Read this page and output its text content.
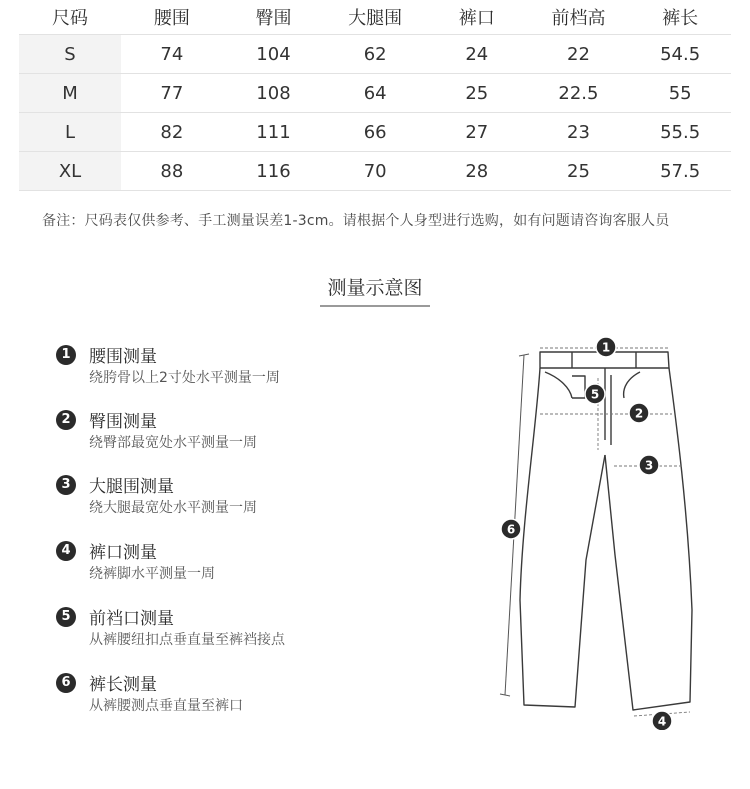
尺码	腰围	臀围	大腿围	裤口	前档高	裤长
S	74	104	62	24	22	54.5
M	77	108	64	25	22.5	55
L	82	111	66	27	23	55.5
XL	88	116	70	28	25	57.5
备注：尺码表仅供参考、手工测量误差1-3cm。请根据个人身型进行选购，如有问题请咨询客服人员
测量示意图
1	腰围测量
绕胯骨以上2寸处水平测量一周
2	臀围测量
绕臀部最宽处水平测量一周
3	大腿围测量
绕大腿最宽处水平测量一周
4	裤口测量
绕裤脚水平测量一周
5	前裆口测量
从裤腰纽扣点垂直量至裤裆接点
6	裤长测量
从裤腰测点垂直量至裤口
1
2
3
4
5
6
